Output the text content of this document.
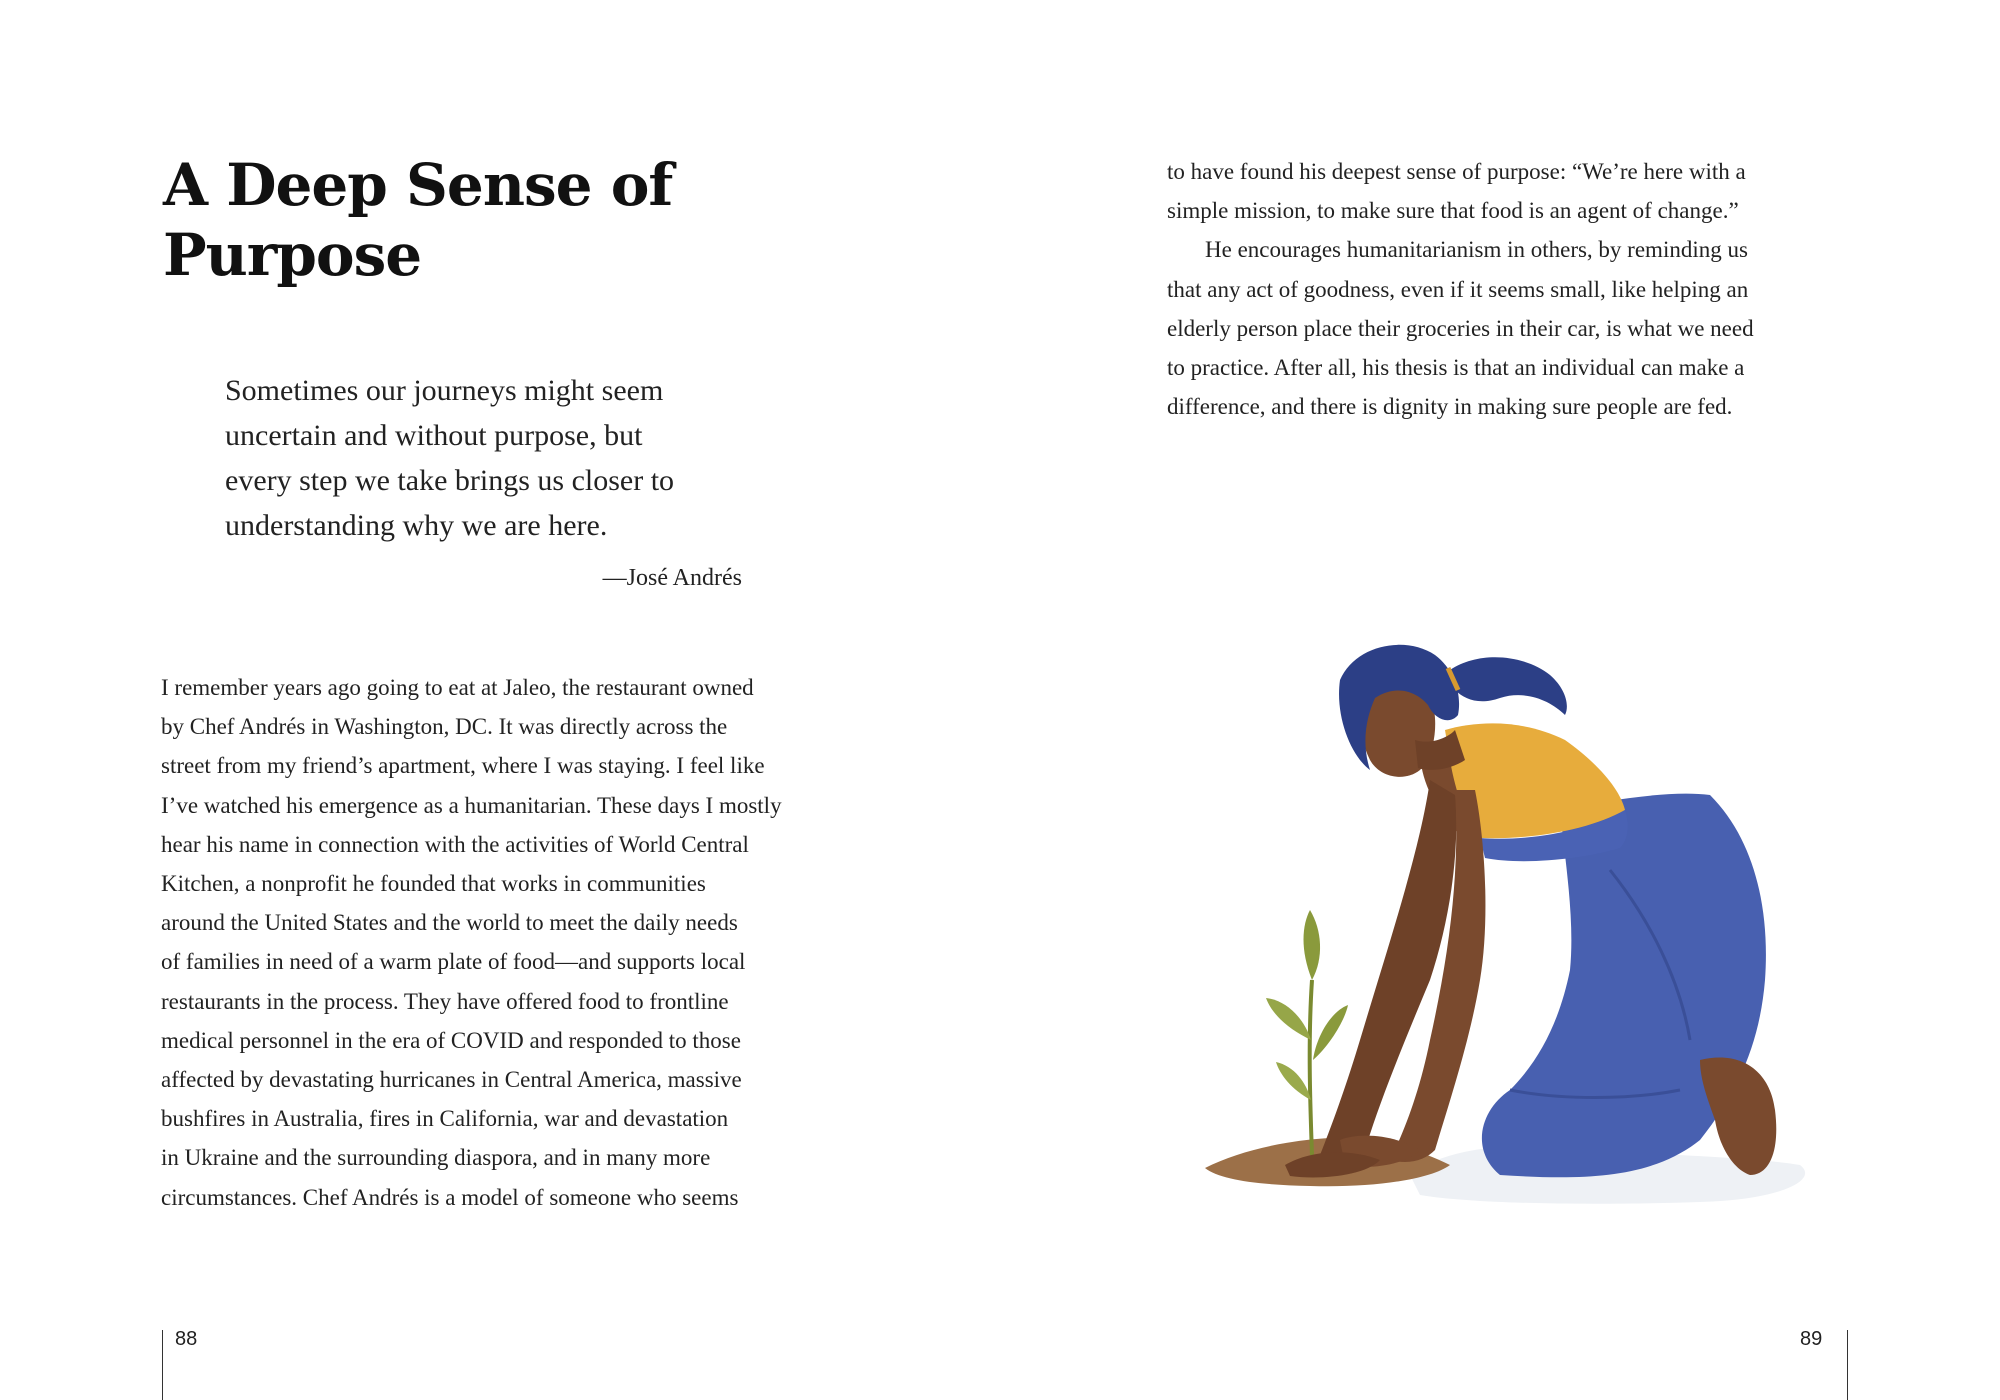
A Deep Sense of
Purpose
Sometimes our journeys might seem
uncertain and without purpose, but
every step we take brings us closer to
understanding why we are here.
—José Andrés
I remember years ago going to eat at Jaleo, the restaurant owned
by Chef Andrés in Washington, DC. It was directly across the
street from my friend’s apartment, where I was staying. I feel like
I’ve watched his emergence as a humanitarian. These days I mostly
hear his name in connection with the activities of World Central
Kitchen, a nonprofit he founded that works in communities
around the United States and the world to meet the daily needs
of families in need of a warm plate of food—and supports local
restaurants in the process. They have offered food to frontline
medical personnel in the era of COVID and responded to those
affected by devastating hurricanes in Central America, massive
bushfires in Australia, fires in California, war and devastation
in Ukraine and the surrounding diaspora, and in many more
circumstances. Chef Andrés is a model of someone who seems
88
to have found his deepest sense of purpose: “We’re here with a
simple mission, to make sure that food is an agent of change.”
He encourages humanitarianism in others, by reminding us
that any act of goodness, even if it seems small, like helping an
elderly person place their groceries in their car, is what we need
to practice. After all, his thesis is that an individual can make a
difference, and there is dignity in making sure people are fed.
89
